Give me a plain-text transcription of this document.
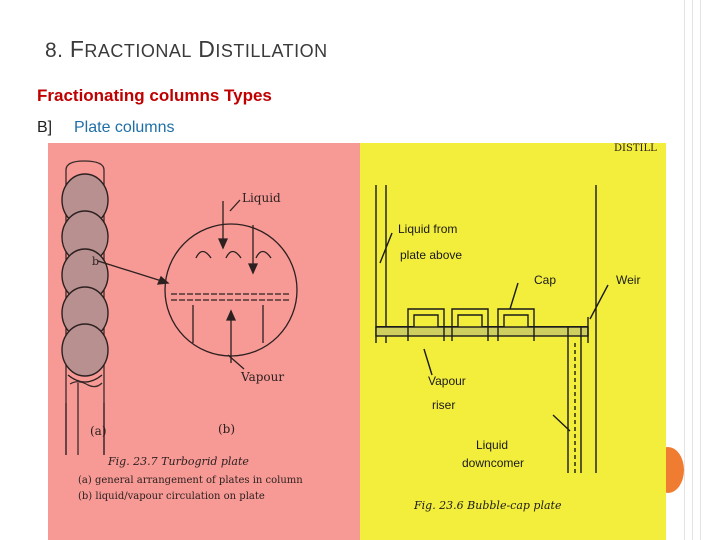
8. FRACTIONAL DISTILLATION
Fractionating columns Types
B] Plate columns
b
Liquid
Vapour
(a)	(b)
Fig. 23.7 Turbogrid plate
(a) general arrangement of plates in column
(b) liquid/vapour circulation on plate
DISTILL
Liquid from
plate above
Cap	Weir
Vapour
riser
Liquid
downcomer
Fig. 23.6 Bubble-cap plate
